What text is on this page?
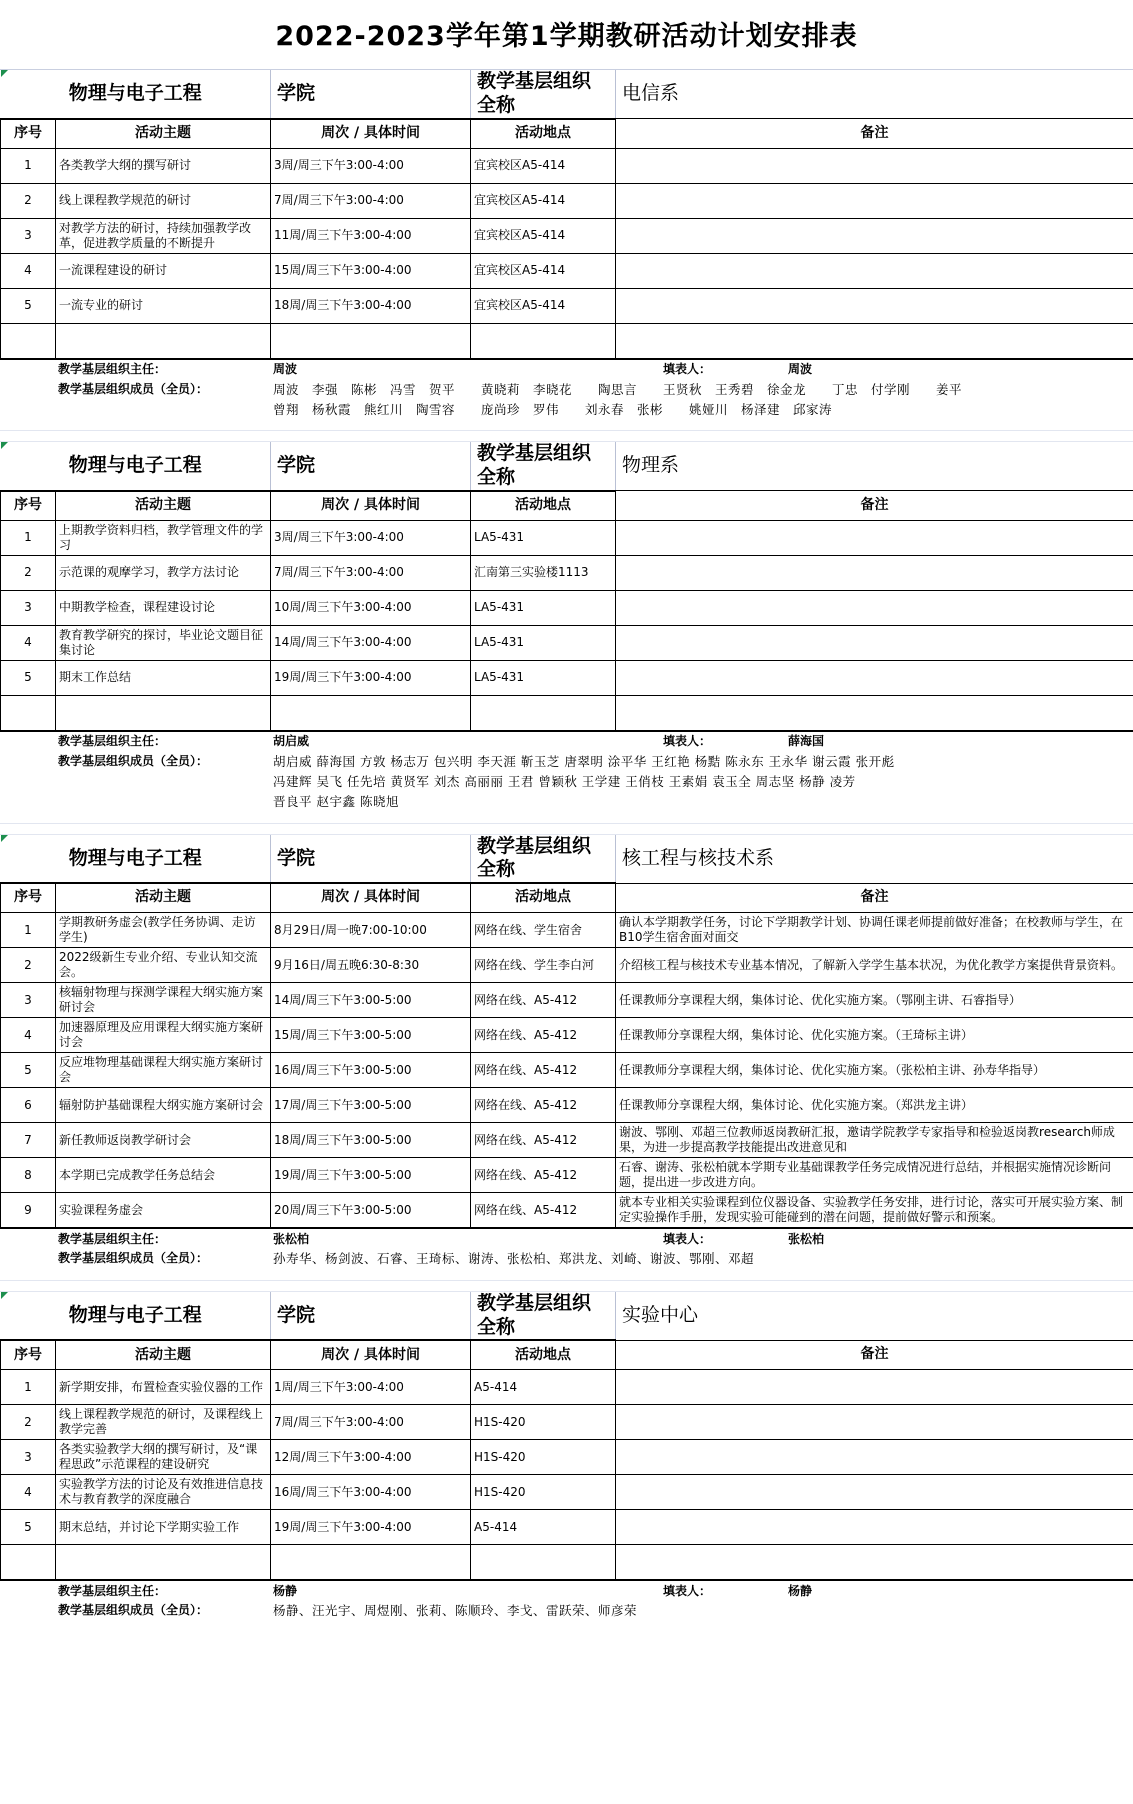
2022-2023学年第1学期教研活动计划安排表
物理与电子工程		学院	教学基层组织全称	电信系
序号	活动主题	周次 / 具体时间	活动地点	备注
1	各类教学大纲的撰写研讨	3周/周三下午3:00-4:00	宜宾校区A5-414	
2	线上课程教学规范的研讨	7周/周三下午3:00-4:00	宜宾校区A5-414	
3	对教学方法的研讨，持续加强教学改革，促进教学质量的不断提升	11周/周三下午3:00-4:00	宜宾校区A5-414	
4	一流课程建设的研讨	15周/周三下午3:00-4:00	宜宾校区A5-414	
5	一流专业的研讨	18周/周三下午3:00-4:00	宜宾校区A5-414	

	教学基层组织主任：	周波		填表人：	周波
	教学基层组织成员（全员）：	周波　李强　陈彬　冯雪　贺平　　黄晓莉　李晓花　　陶思言　　王贤秋　王秀碧　徐金龙　　丁忠　付学刚　　姜平			
		曾翔　杨秋霞　熊红川　陶雪容　　庞尚珍　罗伟　　刘永春　张彬　　姚娅川　杨泽建　邱家涛			

物理与电子工程		学院	教学基层组织全称	物理系
序号	活动主题	周次 / 具体时间	活动地点	备注
1	上期教学资料归档，教学管理文件的学习	3周/周三下午3:00-4:00	LA5-431	
2	示范课的观摩学习，教学方法讨论	7周/周三下午3:00-4:00	汇南第三实验楼1113	
3	中期教学检查，课程建设讨论	10周/周三下午3:00-4:00	LA5-431	
4	教育教学研究的探讨，毕业论文题目征集讨论	14周/周三下午3:00-4:00	LA5-431	
5	期末工作总结	19周/周三下午3:00-4:00	LA5-431	

	教学基层组织主任：	胡启威		填表人：	薛海国
	教学基层组织成员（全员）：	胡启威 薛海国 方敦 杨志万 包兴明 李天涯 靳玉芝 唐翠明 涂平华 王红艳 杨黠 陈永东 王永华 谢云霞 张开彪			
		冯建辉 吴飞 任先培 黄贤军 刘杰 高丽丽 王君 曾颖秋 王学建 王俏枝 王素娟 袁玉全 周志坚 杨静 凌芳			
		晋良平 赵宇鑫 陈晓旭			

物理与电子工程		学院	教学基层组织全称	核工程与核技术系
序号	活动主题	周次 / 具体时间	活动地点	备注
1	学期教研务虚会(教学任务协调、走访学生)	8月29日/周一晚7:00-10:00	网络在线、学生宿舍	确认本学期教学任务，讨论下学期教学计划、协调任课老师提前做好准备；在校教师与学生，在B10学生宿舍面对面交
2	2022级新生专业介绍、专业认知交流会。	9月16日/周五晚6:30-8:30	网络在线、学生李白河	介绍核工程与核技术专业基本情况，了解新入学学生基本状况，为优化教学方案提供背景资料。
3	核辐射物理与探测学课程大纲实施方案研讨会	14周/周三下午3:00-5:00	网络在线、A5-412	任课教师分享课程大纲，集体讨论、优化实施方案。（鄂刚主讲、石睿指导）
4	加速器原理及应用课程大纲实施方案研讨会	15周/周三下午3:00-5:00	网络在线、A5-412	任课教师分享课程大纲，集体讨论、优化实施方案。（王琦标主讲）
5	反应堆物理基础课程大纲实施方案研讨会	16周/周三下午3:00-5:00	网络在线、A5-412	任课教师分享课程大纲，集体讨论、优化实施方案。（张松柏主讲、孙寿华指导）
6	辐射防护基础课程大纲实施方案研讨会	17周/周三下午3:00-5:00	网络在线、A5-412	任课教师分享课程大纲，集体讨论、优化实施方案。（郑洪龙主讲）
7	新任教师返岗教学研讨会	18周/周三下午3:00-5:00	网络在线、A5-412	谢波、鄂刚、邓超三位教师返岗教研汇报，邀请学院教学专家指导和检验返岗教research师成果，为进一步提高教学技能提出改进意见和
8	本学期已完成教学任务总结会	19周/周三下午3:00-5:00	网络在线、A5-412	石睿、谢涛、张松柏就本学期专业基础课教学任务完成情况进行总结，并根据实施情况诊断问题，提出进一步改进方向。
9	实验课程务虚会	20周/周三下午3:00-5:00	网络在线、A5-412	就本专业相关实验课程到位仪器设备、实验教学任务安排，进行讨论，落实可开展实验方案、制定实验操作手册，发现实验可能碰到的潜在问题，提前做好警示和预案。
	教学基层组织主任：	张松柏		填表人：	张松柏
	教学基层组织成员（全员）：	孙寿华、杨剑波、石睿、王琦标、谢涛、张松柏、郑洪龙、刘崎、谢波、鄂刚、邓超			

物理与电子工程		学院	教学基层组织全称	实验中心
序号	活动主题	周次 / 具体时间	活动地点	备注
1	新学期安排，布置检查实验仪器的工作	1周/周三下午3:00-4:00	A5-414	
2	线上课程教学规范的研讨，及课程线上教学完善	7周/周三下午3:00-4:00	H1S-420	
3	各类实验教学大纲的撰写研讨，及“课程思政”示范课程的建设研究	12周/周三下午3:00-4:00	H1S-420	
4	实验教学方法的讨论及有效推进信息技术与教育教学的深度融合	16周/周三下午3:00-4:00	H1S-420	
5	期末总结，并讨论下学期实验工作	19周/周三下午3:00-4:00	A5-414	

	教学基层组织主任：	杨静		填表人：	杨静
	教学基层组织成员（全员）：	杨静、汪光宇、周煜刚、张莉、陈顺玲、李戈、雷跃荣、师彦荣			
